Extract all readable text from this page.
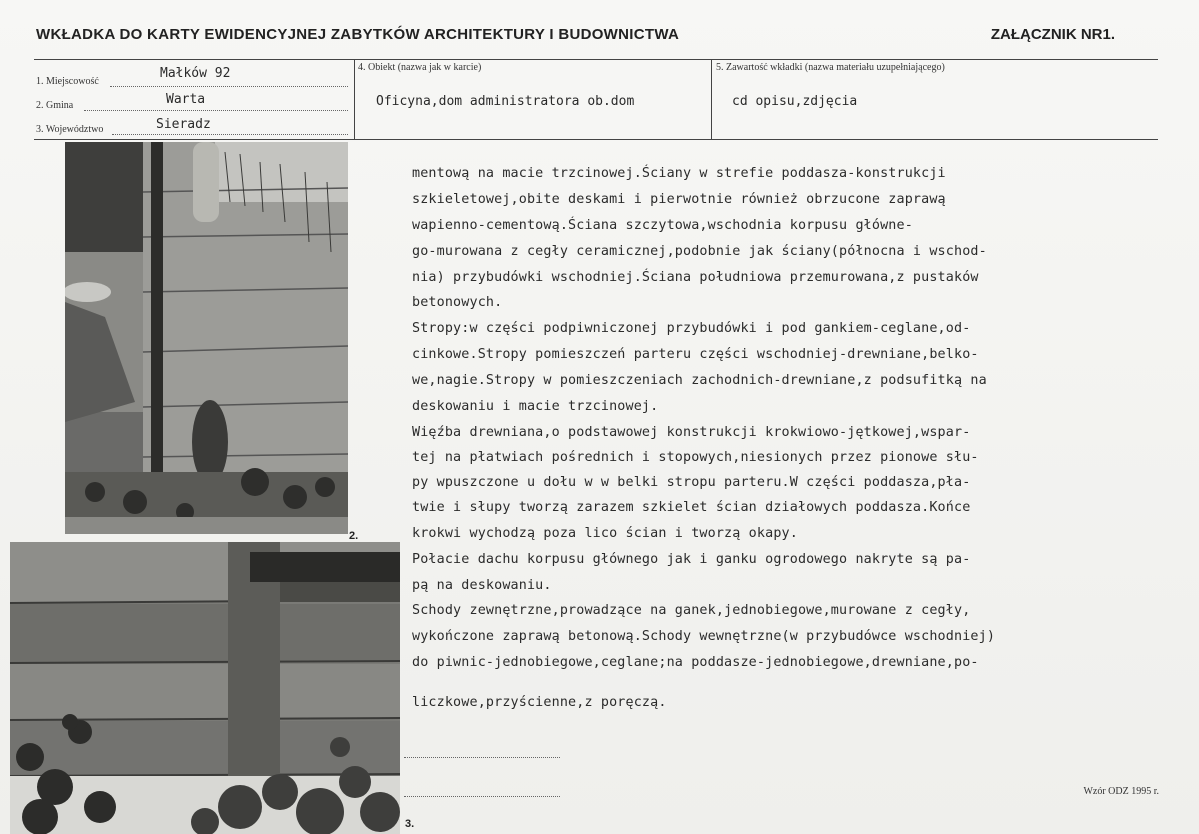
WKŁADKA DO KARTY EWIDENCYJNEJ ZABYTKÓW ARCHITEKTURY I BUDOWNICTWA	ZAŁĄCZNIK NR1.
1. Miejscowość
Małków 92
2. Gmina	Warta
3. Województwo	Sieradz
4. Obiekt (nazwa jak w karcie)
Oficyna,dom administratora ob.dom
5. Zawartość wkładki (nazwa materiału uzupełniającego)
cd opisu,zdjęcia
2.
3.
mentową na macie trzcinowej.Ściany w strefie poddasza-konstrukcji
szkieletowej,obite deskami i pierwotnie również obrzucone zaprawą
wapienno-cementową.Ściana szczytowa,wschodnia korpusu główne-
go-murowana z cegły ceramicznej,podobnie jak ściany(północna i wschod-
nia) przybudówki wschodniej.Ściana południowa przemurowana,z pustaków
betonowych.
Stropy:w części podpiwniczonej przybudówki i pod gankiem-ceglane,od-
cinkowe.Stropy pomieszczeń parteru części wschodniej-drewniane,belko-
we,nagie.Stropy w pomieszczeniach zachodnich-drewniane,z podsufitką na
deskowaniu i macie trzcinowej.
Więźba drewniana,o podstawowej konstrukcji krokwiowo-jętkowej,wspar-
tej na płatwiach pośrednich i stopowych,niesionych przez pionowe słu-
py wpuszczone u dołu w w belki stropu parteru.W części poddasza,pła-
twie i słupy tworzą zarazem szkielet ścian działowych poddasza.Końce
krokwi wychodzą poza lico ścian i tworzą okapy.
Połacie dachu korpusu głównego jak i ganku ogrodowego nakryte są pa-
pą na deskowaniu.
Schody zewnętrzne,prowadzące na ganek,jednobiegowe,murowane z cegły,
wykończone zaprawą betonową.Schody wewnętrzne(w przybudówce wschodniej)
do piwnic-jednobiegowe,ceglane;na poddasze-jednobiegowe,drewniane,po-
liczkowe,przyścienne,z poręczą.
Wzór ODZ 1995 r.
